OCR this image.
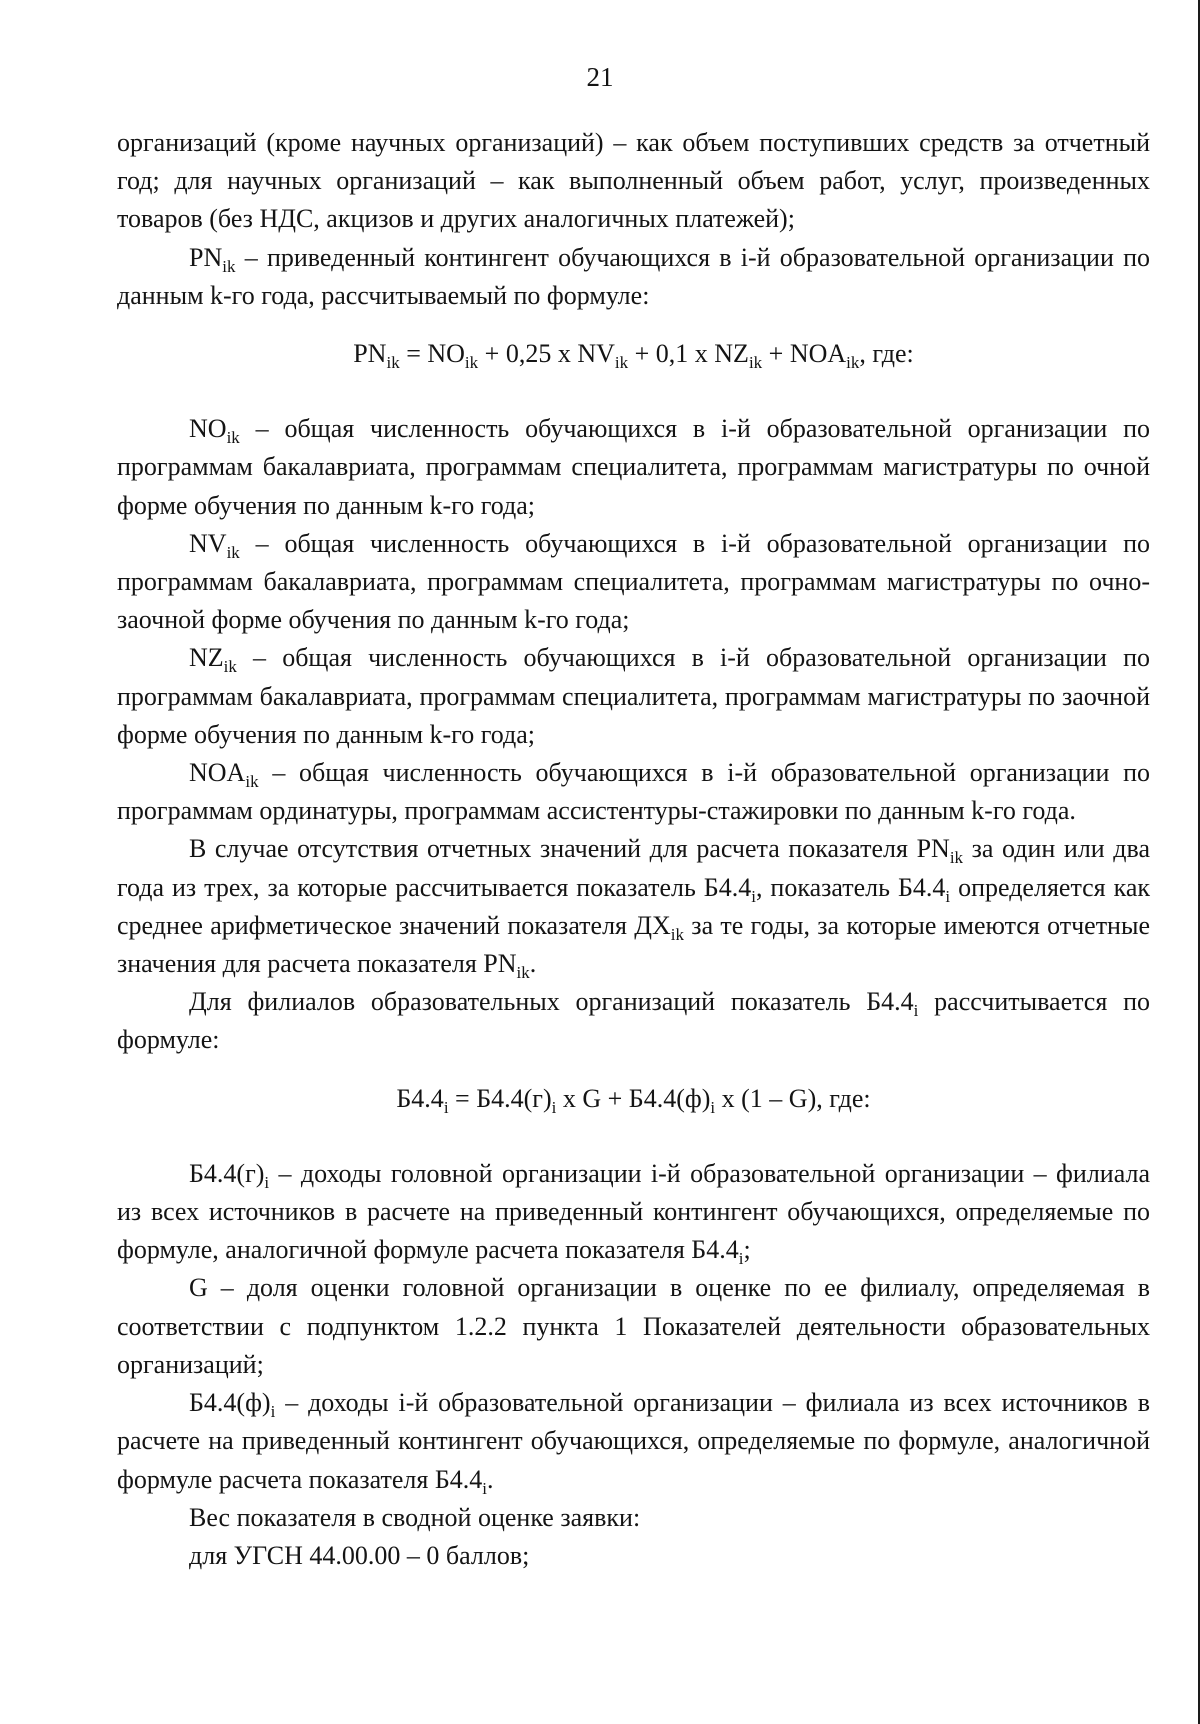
21

организаций (кроме научных организаций) – как объем поступивших средств за отчетный год; для научных организаций – как выполненный объем работ, услуг, произведенных товаров (без НДС, акцизов и других аналогичных платежей);

$PN_{ik}$ – приведенный контингент обучающихся в i-й образовательной организации по данным k-го года, рассчитываемый по формуле:

$PN_{ik} = NO_{ik} + 0,25$ x $NV_{ik} + 0,1$ x $NZ_{ik} + NOA_{ik}$, где:

$NO_{ik}$ – общая численность обучающихся в i-й образовательной организации по программам бакалавриата, программам специалитета, программам магистратуры по очной форме обучения по данным k-го года;

$NV_{ik}$ – общая численность обучающихся в i-й образовательной организации по программам бакалавриата, программам специалитета, программам магистратуры по очно-заочной форме обучения по данным k-го года;

$NZ_{ik}$ – общая численность обучающихся в i-й образовательной организации по программам бакалавриата, программам специалитета, программам магистратуры по заочной форме обучения по данным k-го года;

$NOA_{ik}$ – общая численность обучающихся в i-й образовательной организации по программам ординатуры, программам ассистентуры-стажировки по данным k-го года.

В случае отсутствия отчетных значений для расчета показателя $PN_{ik}$ за один или два года из трех, за которые рассчитывается показатель $Б4.4_i$, показатель $Б4.4_i$ определяется как среднее арифметическое значений показателя $ДХ_{ik}$ за те годы, за которые имеются отчетные значения для расчета показателя $PN_{ik}$.

Для филиалов образовательных организаций показатель $Б4.4_i$ рассчитывается по формуле:

$Б4.4_i = Б4.4(г)_i$ x $G + Б4.4(ф)_i$ x (1 – G), где:

$Б4.4(г)_i$ – доходы головной организации i-й образовательной организации – филиала из всех источников в расчете на приведенный контингент обучающихся, определяемые по формуле, аналогичной формуле расчета показателя $Б4.4_i$;

G – доля оценки головной организации в оценке по ее филиалу, определяемая в соответствии с подпунктом 1.2.2 пункта 1 Показателей деятельности образовательных организаций;

$Б4.4(ф)_i$ – доходы i-й образовательной организации – филиала из всех источников в расчете на приведенный контингент обучающихся, определяемые по формуле, аналогичной формуле расчета показателя $Б4.4_i$.

Вес показателя в сводной оценке заявки:

для УГСН 44.00.00 – 0 баллов;
